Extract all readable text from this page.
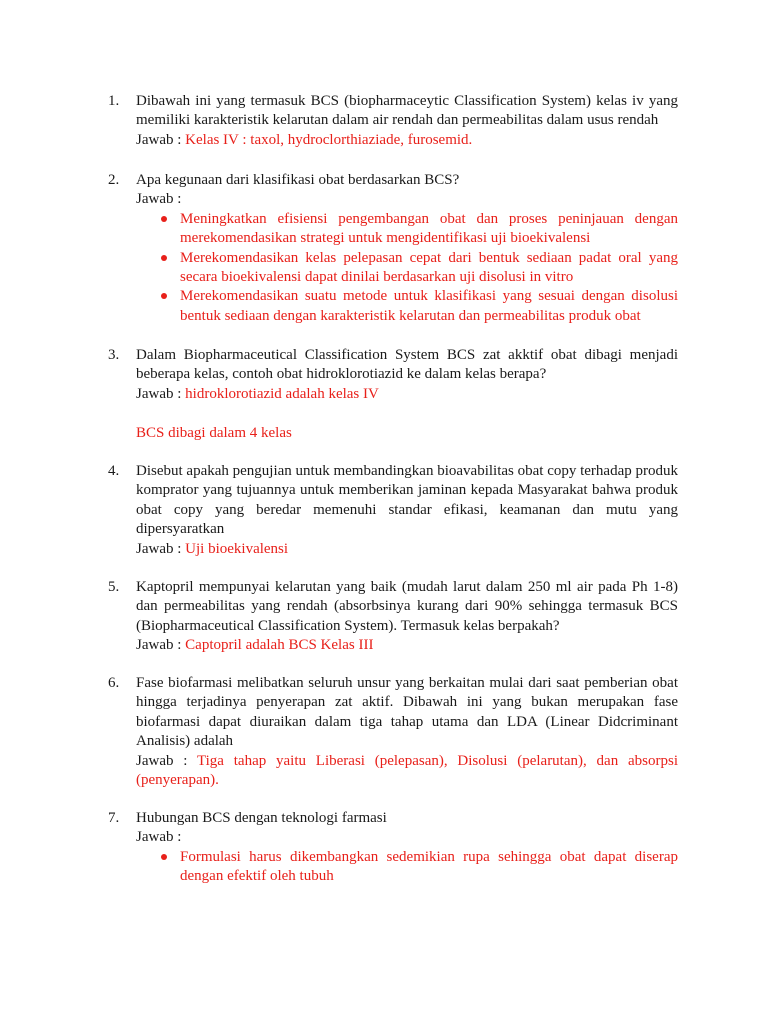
1. Dibawah ini yang termasuk BCS (biopharmaceytic Classification System) kelas iv yang memiliki karakteristik kelarutan dalam air rendah dan permeabilitas dalam usus rendah
Jawab : Kelas IV : taxol, hydroclorthiaziade, furosemid.
2. Apa kegunaan dari klasifikasi obat berdasarkan BCS?
Jawab :
Meningkatkan efisiensi pengembangan obat dan proses peninjauan dengan merekomendasikan strategi untuk mengidentifikasi uji bioekivalensi
Merekomendasikan kelas pelepasan cepat dari bentuk sediaan padat oral yang secara bioekivalensi dapat dinilai berdasarkan uji disolusi in vitro
Merekomendasikan suatu metode untuk klasifikasi yang sesuai dengan disolusi bentuk sediaan dengan karakteristik kelarutan dan permeabilitas produk obat
3. Dalam Biopharmaceutical Classification System BCS zat akktif obat dibagi menjadi beberapa kelas, contoh obat hidroklorotiazid ke dalam kelas berapa?
Jawab : hidroklorotiazid adalah kelas IV
BCS dibagi dalam 4 kelas
4. Disebut apakah pengujian untuk membandingkan bioavabilitas obat copy terhadap produk komprator yang tujuannya untuk memberikan jaminan kepada Masyarakat bahwa produk obat copy yang beredar memenuhi standar efikasi, keamanan dan mutu yang dipersyaratkan
Jawab : Uji bioekivalensi
5. Kaptopril mempunyai kelarutan yang baik (mudah larut dalam 250 ml air pada Ph 1-8) dan permeabilitas yang rendah (absorbsinya kurang dari 90% sehingga termasuk BCS (Biopharmaceutical Classification System). Termasuk kelas berpakah?
Jawab : Captopril adalah BCS Kelas III
6. Fase biofarmasi melibatkan seluruh unsur yang berkaitan mulai dari saat pemberian obat hingga terjadinya penyerapan zat aktif. Dibawah ini yang bukan merupakan fase biofarmasi dapat diuraikan dalam tiga tahap utama dan LDA (Linear Didcriminant Analisis) adalah
Jawab : Tiga tahap yaitu Liberasi (pelepasan), Disolusi (pelarutan), dan absorpsi (penyerapan).
7. Hubungan BCS dengan teknologi farmasi
Jawab :
Formulasi harus dikembangkan sedemikian rupa sehingga obat dapat diserap dengan efektif oleh tubuh
